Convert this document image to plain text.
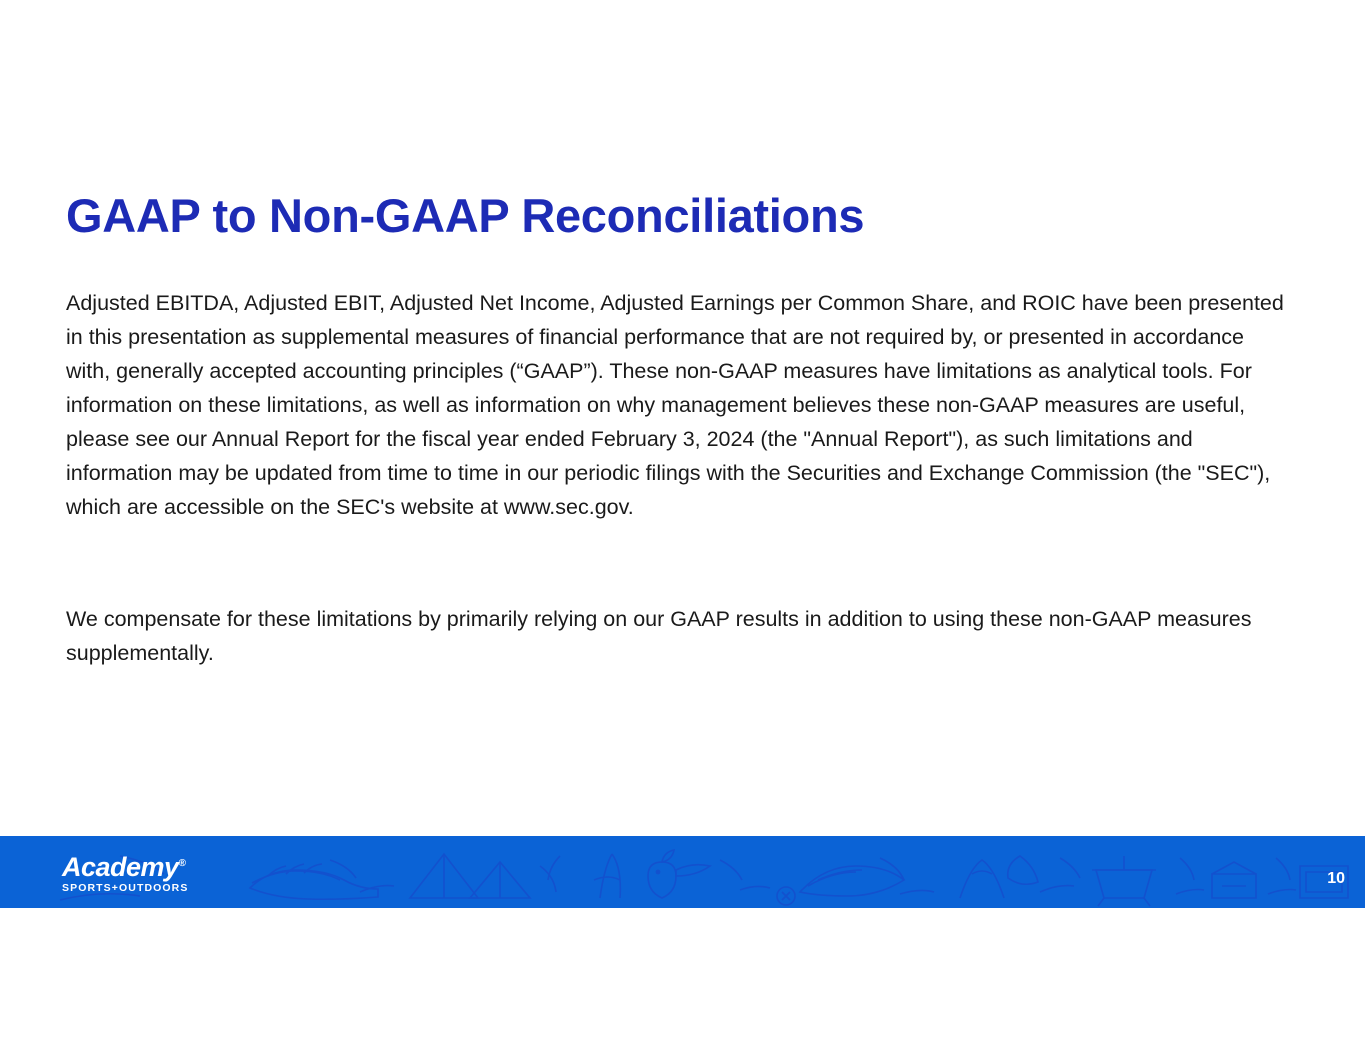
GAAP to Non-GAAP Reconciliations
Adjusted EBITDA, Adjusted EBIT, Adjusted Net Income, Adjusted Earnings per Common Share, and ROIC have been presented in this presentation as supplemental measures of financial performance that are not required by, or presented in accordance with, generally accepted accounting principles (“GAAP”). These non-GAAP measures have limitations as analytical tools. For information on these limitations, as well as information on why management believes these non-GAAP measures are useful, please see our Annual Report for the fiscal year ended February 3, 2024 (the "Annual Report"), as such limitations and information may be updated from time to time in our periodic filings with the Securities and Exchange Commission (the "SEC"), which are accessible on the SEC's website at www.sec.gov.
We compensate for these limitations by primarily relying on our GAAP results in addition to using these non-GAAP measures supplementally.
Academy®
SPORTS+OUTDOORS
10
